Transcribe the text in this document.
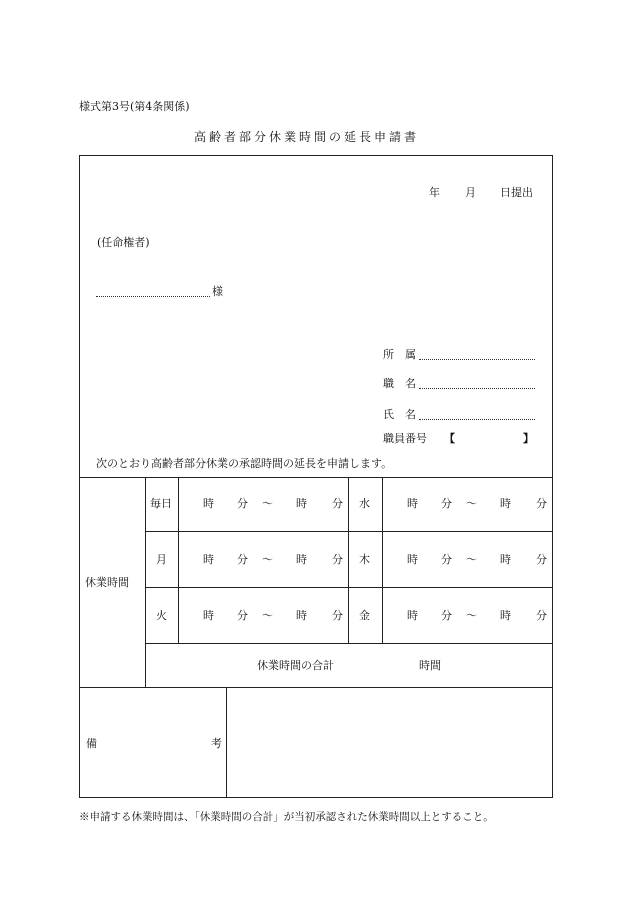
様式第3号(第4条関係)
高齢者部分休業時間の延長申請書
年 月 日提出
(任命権者)
様
所　属
職　名
氏　名
職員番号 【	】
次のとおり高齢者部分休業の承認時間の延長を申請します。
休業時間
毎日	時 分 ～ 時 分 水	時 分 ～ 時 分
月	時 分 ～ 時 分 木	時 分 ～ 時 分
火	時 分 ～ 時 分 金	時 分 ～ 時 分
休業時間の合計	時間
備	考
※申請する休業時間は、「休業時間の合計」が当初承認された休業時間以上とすること。
